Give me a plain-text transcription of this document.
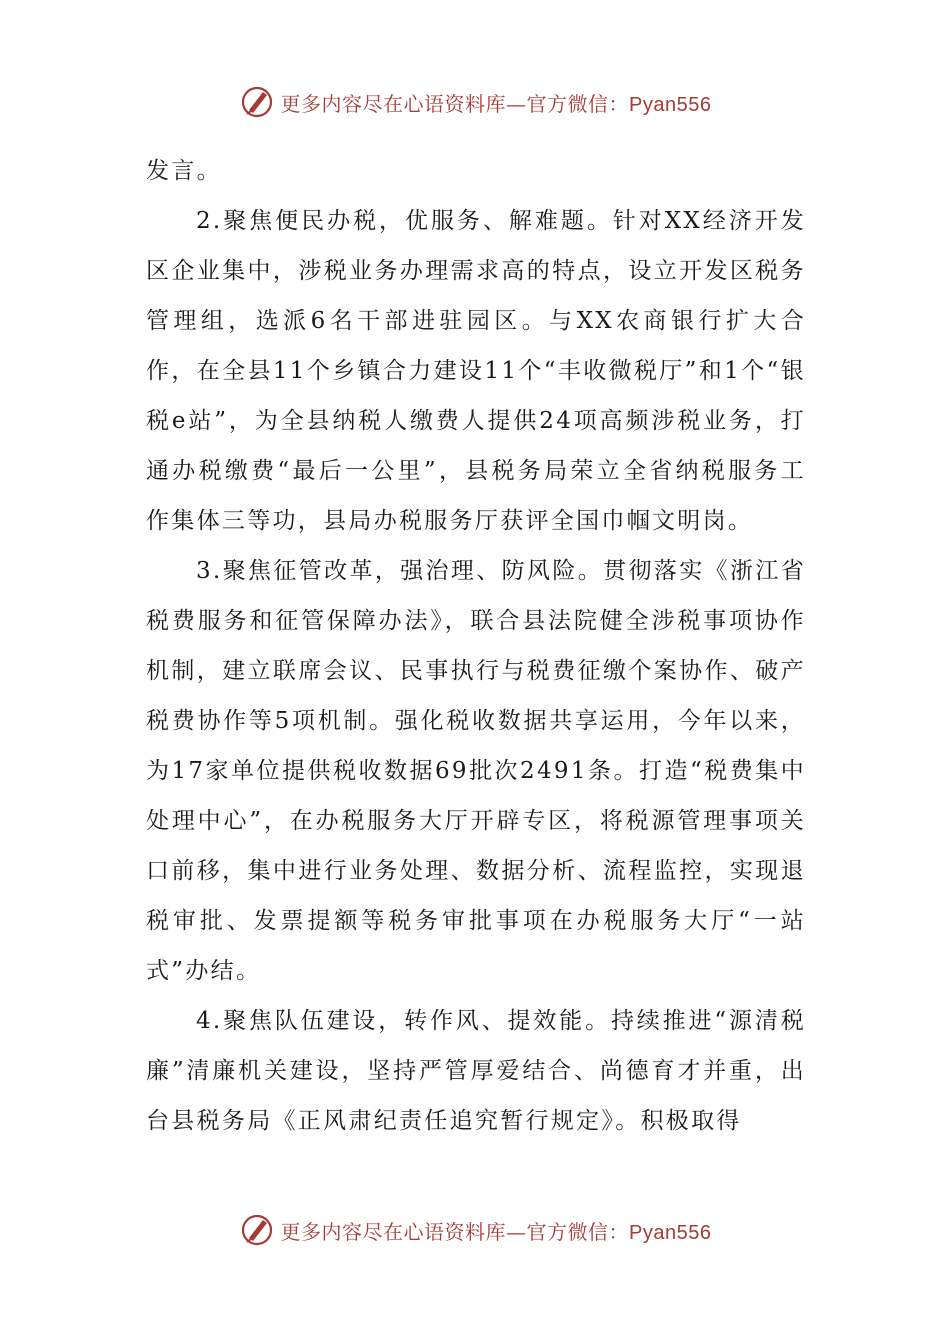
更多内容尽在心语资料库—官方微信：Pyan556

发言。

2.聚焦便民办税，优服务、解难题。针对XX经济开发区企业集中，涉税业务办理需求高的特点，设立开发区税务管理组，选派6名干部进驻园区。与XX农商银行扩大合作，在全县11个乡镇合力建设11个“丰收微税厅”和1个“银税e站”，为全县纳税人缴费人提供24项高频涉税业务，打通办税缴费“最后一公里”，县税务局荣立全省纳税服务工作集体三等功，县局办税服务厅获评全国巾帼文明岗。

3.聚焦征管改革，强治理、防风险。贯彻落实《浙江省税费服务和征管保障办法》，联合县法院健全涉税事项协作机制，建立联席会议、民事执行与税费征缴个案协作、破产税费协作等5项机制。强化税收数据共享运用，今年以来，为17家单位提供税收数据69批次2491条。打造“税费集中处理中心”，在办税服务大厅开辟专区，将税源管理事项关口前移，集中进行业务处理、数据分析、流程监控，实现退税审批、发票提额等税务审批事项在办税服务大厅“一站式”办结。

4.聚焦队伍建设，转作风、提效能。持续推进“源清税廉”清廉机关建设，坚持严管厚爱结合、尚德育才并重，出台县税务局《正风肃纪责任追究暂行规定》。积极取得

更多内容尽在心语资料库—官方微信：Pyan556
